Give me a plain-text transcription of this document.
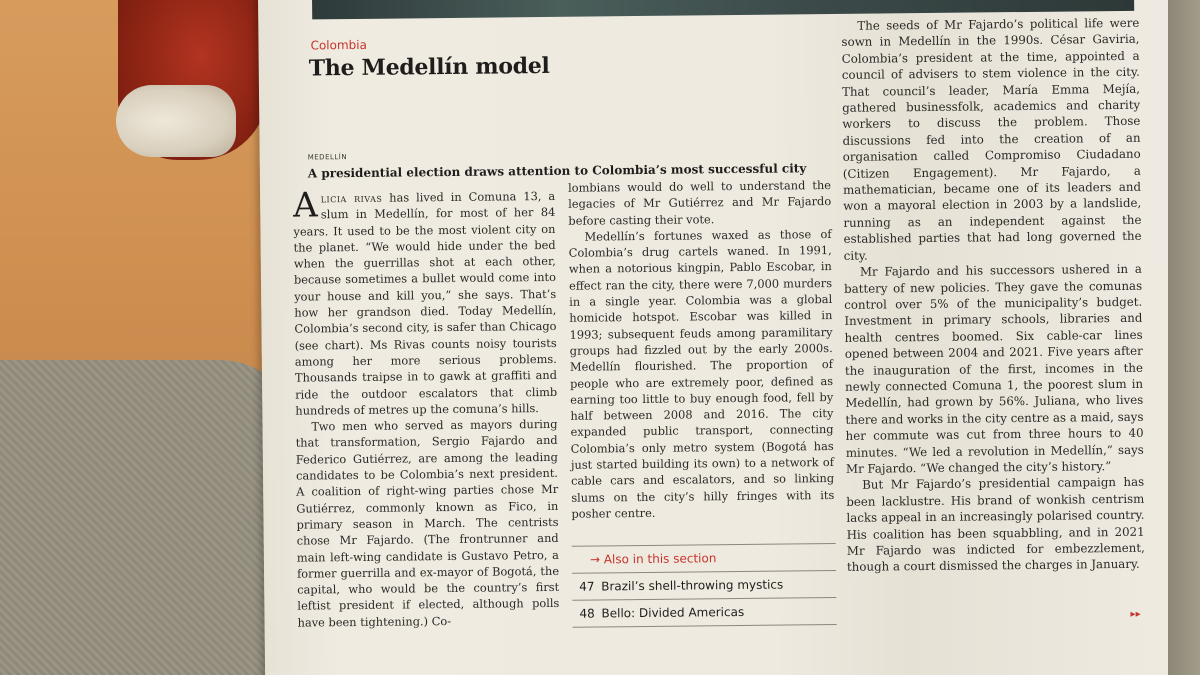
Colombia
The Medellín model
MEDELLÍN
A presidential election draws attention to Colombia’s most successful city

Alicia rivas has lived in Comuna 13, a slum in Medellín, for most of her 84 years. It used to be the most violent city on the planet. “We would hide under the bed when the guerrillas shot at each other, because sometimes a bullet would come into your house and kill you,” she says. That’s how her grandson died. Today Medellín, Colombia’s second city, is safer than Chicago (see chart). Ms Rivas counts noisy tourists among her more serious problems. Thousands traipse in to gawk at graffiti and ride the outdoor escalators that climb hundreds of metres up the comuna’s hills.

Two men who served as mayors during that transformation, Sergio Fajardo and Federico Gutiérrez, are among the leading candidates to be Colombia’s next president. A coalition of right-wing parties chose Mr Gutiérrez, commonly known as Fico, in primary season in March. The centrists chose Mr Fajardo. (The frontrunner and main left-wing candidate is Gustavo Petro, a former guerrilla and ex-mayor of Bogotá, the capital, who would be the country’s first leftist president if elected, although polls have been tightening.) Co-

lombians would do well to understand the legacies of Mr Gutiérrez and Mr Fajardo before casting their vote.

Medellín’s fortunes waxed as those of Colombia’s drug cartels waned. In 1991, when a notorious kingpin, Pablo Escobar, in effect ran the city, there were 7,000 murders in a single year. Colombia was a global homicide hotspot. Escobar was killed in 1993; subsequent feuds among paramilitary groups had fizzled out by the early 2000s. Medellín flourished. The proportion of people who are extremely poor, defined as earning too little to buy enough food, fell by half between 2008 and 2016. The city expanded public transport, connecting Colombia’s only metro system (Bogotá has just started building its own) to a network of cable cars and escalators, and so linking slums on the city’s hilly fringes with its posher centre.

→ Also in this section
47 Brazil’s shell-throwing mystics
48 Bello: Divided Americas

The seeds of Mr Fajardo’s political life were sown in Medellín in the 1990s. César Gaviria, Colombia’s president at the time, appointed a council of advisers to stem violence in the city. That council’s leader, María Emma Mejía, gathered businessfolk, academics and charity workers to discuss the problem. Those discussions fed into the creation of an organisation called Compromiso Ciudadano (Citizen Engagement). Mr Fajardo, a mathematician, became one of its leaders and won a mayoral election in 2003 by a landslide, running as an independent against the established parties that had long governed the city.

Mr Fajardo and his successors ushered in a battery of new policies. They gave the comunas control over 5% of the municipality’s budget. Investment in primary schools, libraries and health centres boomed. Six cable-car lines opened between 2004 and 2021. Five years after the inauguration of the first, incomes in the newly connected Comuna 1, the poorest slum in Medellín, had grown by 56%. Juliana, who lives there and works in the city centre as a maid, says her commute was cut from three hours to 40 minutes. “We led a revolution in Medellín,” says Mr Fajardo. “We changed the city’s history.”

But Mr Fajardo’s presidential campaign has been lacklustre. His brand of wonkish centrism lacks appeal in an increasingly polarised country. His coalition has been squabbling, and in 2021 Mr Fajardo was indicted for embezzlement, though a court dismissed the charges in January.

▸▸
